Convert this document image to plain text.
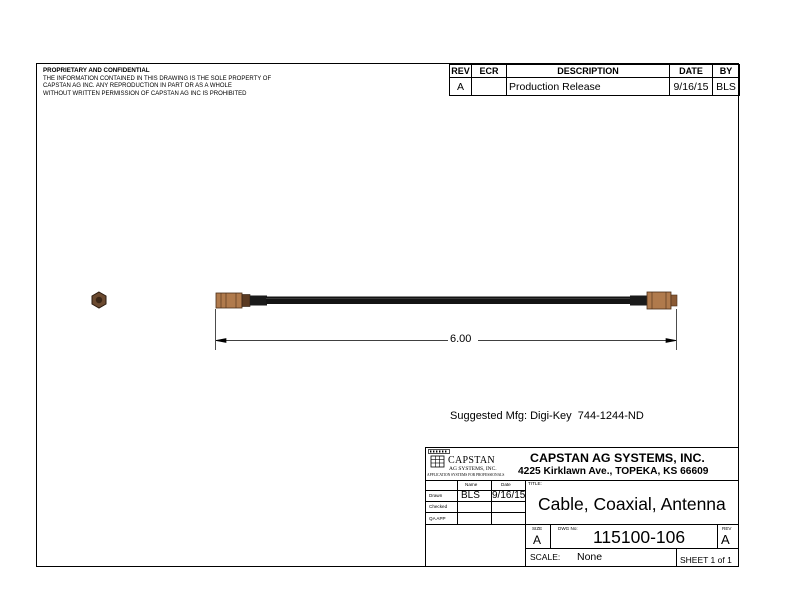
PROPRIETARY AND CONFIDENTIAL
THE INFORMATION CONTAINED IN THIS DRAWING IS THE SOLE PROPERTY OF
CAPSTAN AG INC. ANY REPRODUCTION IN PART OR AS A WHOLE
WITHOUT WRITTEN PERMISSION OF CAPSTAN AG INC IS PROHIBITED
REV	ECR	DESCRIPTION	DATE	BY
A		Production Release	9/16/15	BLS
6.00
Suggested Mfg: Digi-Key  744-1244-ND
CAPSTAN
AG SYSTEMS, INC.
APPLICATION SYSTEMS FOR PROFESSIONALS
CAPSTAN AG SYSTEMS, INC.
4225 Kirklawn Ave., TOPEKA, KS 66609
Name	Date
Drawn BLS 9/16/15
Checked
QA APP
TITLE:
Cable, Coaxial, Antenna
SIZE
A
DWG No: 115100-106	REV
A
SCALE: None	SHEET 1 of 1
